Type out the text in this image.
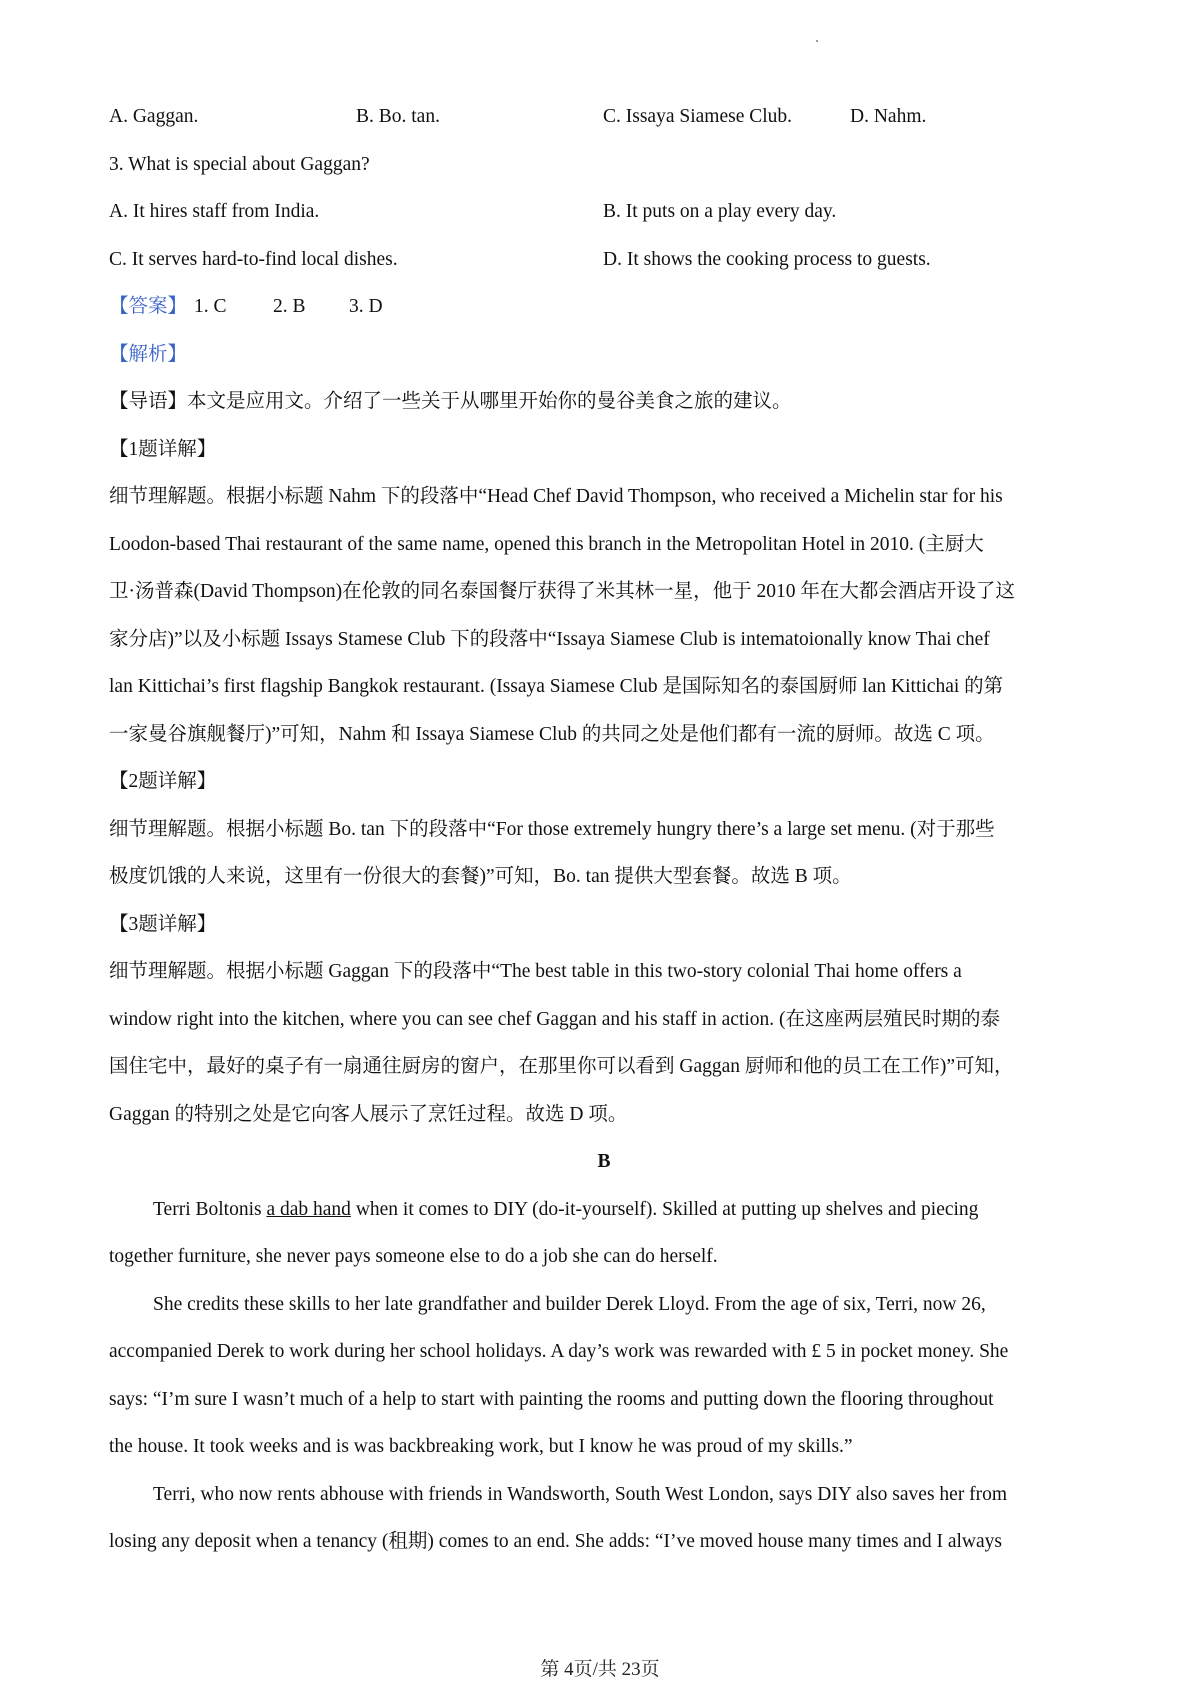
A. Gaggan.	B. Bo. tan.	C. Issaya Siamese Club.	D. Nahm.
3. What is special about Gaggan?
A. It hires staff from India.	B. It puts on a play every day.
C. It serves hard-to-find local dishes.	D. It shows the cooking process to guests.
【答案】 1. C 2. B 3. D
【解析】
【导语】本文是应用文。介绍了一些关于从哪里开始你的曼谷美食之旅的建议。
【1题详解】
细节理解题。根据小标题 Nahm 下的段落中“Head Chef David Thompson, who received a Michelin star for his
Loodon-based Thai restaurant of the same name, opened this branch in the Metropolitan Hotel in 2010. (主厨大
卫·汤普森(David Thompson)在伦敦的同名泰国餐厅获得了米其林一星，他于 2010 年在大都会酒店开设了这
家分店)”以及小标题 Issays Stamese Club 下的段落中“Issaya Siamese Club is intematoionally know Thai chef
lan Kittichai’s first flagship Bangkok restaurant. (Issaya Siamese Club 是国际知名的泰国厨师 lan Kittichai 的第
一家曼谷旗舰餐厅)”可知，Nahm 和 Issaya Siamese Club 的共同之处是他们都有一流的厨师。故选 C 项。
【2题详解】
细节理解题。根据小标题 Bo. tan 下的段落中“For those extremely hungry there’s a large set menu. (对于那些
极度饥饿的人来说，这里有一份很大的套餐)”可知，Bo. tan 提供大型套餐。故选 B 项。
【3题详解】
细节理解题。根据小标题 Gaggan 下的段落中“The best table in this two-story colonial Thai home offers a
window right into the kitchen, where you can see chef Gaggan and his staff in action. (在这座两层殖民时期的泰
国住宅中，最好的桌子有一扇通往厨房的窗户，在那里你可以看到 Gaggan 厨师和他的员工在工作)”可知，
Gaggan 的特别之处是它向客人展示了烹饪过程。故选 D 项。
B
Terri Boltonis a dab hand when it comes to DIY (do-it-yourself). Skilled at putting up shelves and piecing
together furniture, she never pays someone else to do a job she can do herself.
She credits these skills to her late grandfather and builder Derek Lloyd. From the age of six, Terri, now 26,
accompanied Derek to work during her school holidays. A day’s work was rewarded with £ 5 in pocket money. She
says: “I’m sure I wasn’t much of a help to start with painting the rooms and putting down the flooring throughout
the house. It took weeks and is was backbreaking work, but I know he was proud of my skills.”
Terri, who now rents abhouse with friends in Wandsworth, South West London, says DIY also saves her from
losing any deposit when a tenancy (租期) comes to an end. She adds: “I’ve moved house many times and I always
第 4页/共 23页
